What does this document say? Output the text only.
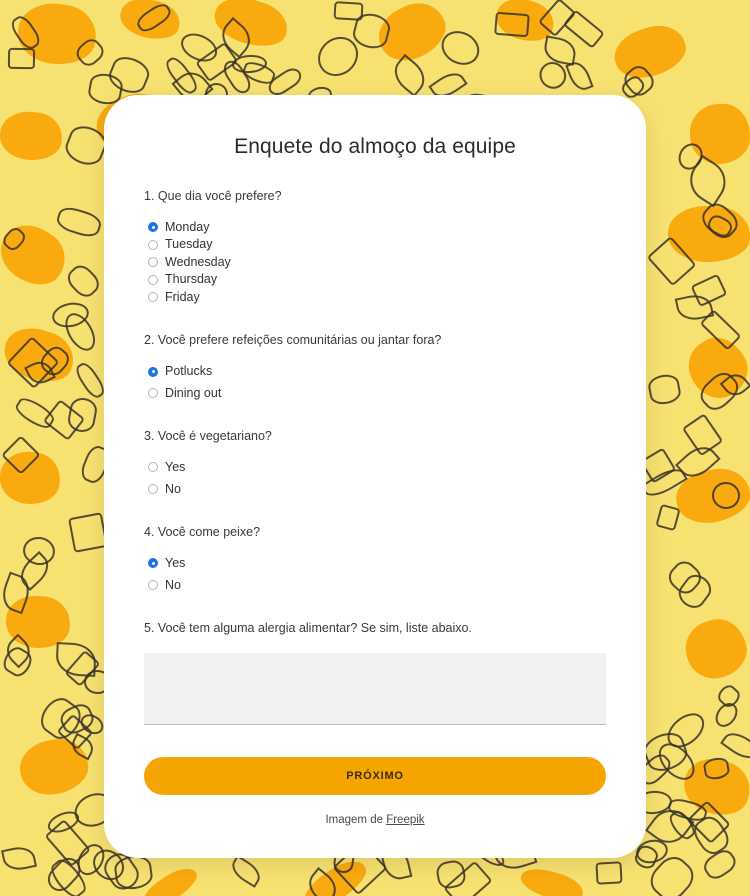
Enquete do almoço da equipe

1. Que dia você prefere?

Monday
Tuesday
Wednesday
Thursday
Friday

2. Você prefere refeições comunitárias ou jantar fora?

Potlucks
Dining out

3. Você é vegetariano?

Yes
No

4. Você come peixe?

Yes
No

5. Você tem alguma alergia alimentar? Se sim, liste abaixo.

PRÓXIMO
Imagem de Freepik
